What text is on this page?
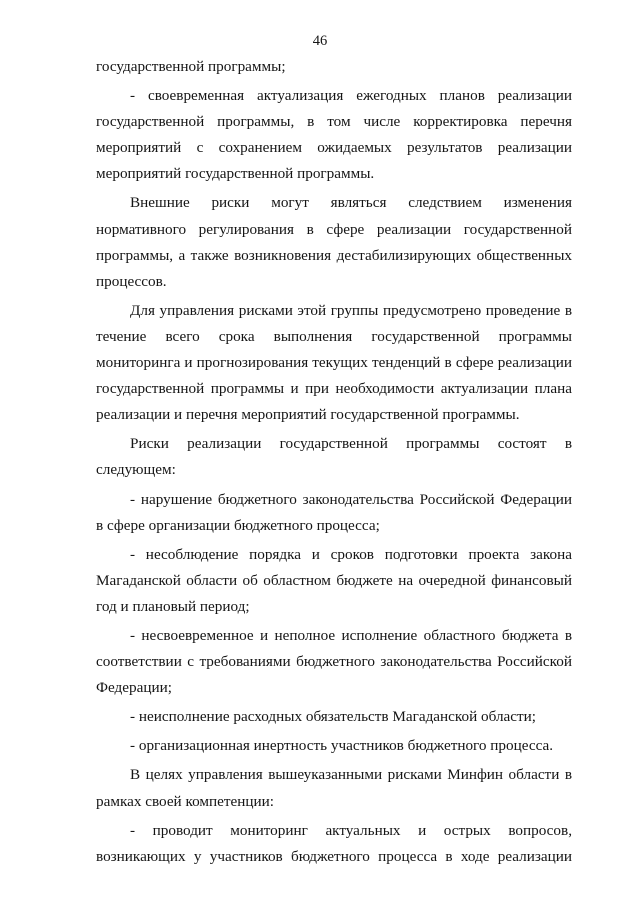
46

государственной программы;

- своевременная актуализация ежегодных планов реализации государственной программы, в том числе корректировка перечня мероприятий с сохранением ожидаемых результатов реализации мероприятий государственной программы.

Внешние риски могут являться следствием изменения нормативного регулирования в сфере реализации государственной программы, а также возникновения дестабилизирующих общественных процессов.

Для управления рисками этой группы предусмотрено проведение в течение всего срока выполнения государственной программы мониторинга и прогнозирования текущих тенденций в сфере реализации государственной программы и при необходимости актуализации плана реализации и перечня мероприятий государственной программы.

Риски реализации государственной программы состоят в следующем:

- нарушение бюджетного законодательства Российской Федерации в сфере организации бюджетного процесса;

- несоблюдение порядка и сроков подготовки проекта закона Магаданской области об областном бюджете на очередной финансовый год и плановый период;

- несвоевременное и неполное исполнение областного бюджета в соответствии с требованиями бюджетного законодательства Российской Федерации;

- неисполнение расходных обязательств Магаданской области;

- организационная инертность участников бюджетного процесса.

В целях управления вышеуказанными рисками Минфин области в рамках своей компетенции:

- проводит мониторинг актуальных и острых вопросов, возникающих у участников бюджетного процесса в ходе реализации
